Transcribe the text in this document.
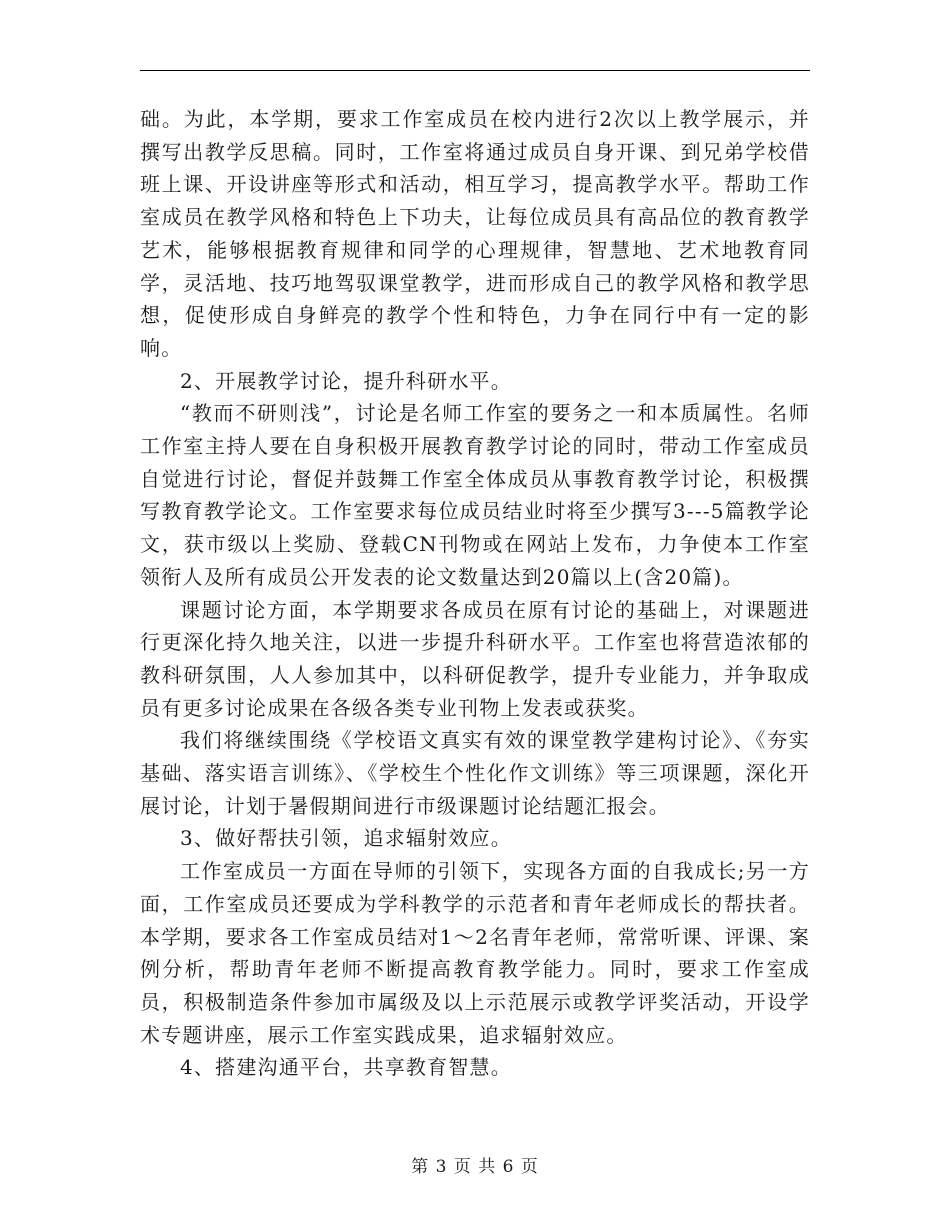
础。为此，本学期，要求工作室成员在校内进行2次以上教学展示，并撰写出教学反思稿。同时，工作室将通过成员自身开课、到兄弟学校借班上课、开设讲座等形式和活动，相互学习，提高教学水平。帮助工作室成员在教学风格和特色上下功夫，让每位成员具有高品位的教育教学艺术，能够根据教育规律和同学的心理规律，智慧地、艺术地教育同学，灵活地、技巧地驾驭课堂教学，进而形成自己的教学风格和教学思想，促使形成自身鲜亮的教学个性和特色，力争在同行中有一定的影响。

2、开展教学讨论，提升科研水平。

“教而不研则浅”，讨论是名师工作室的要务之一和本质属性。名师工作室主持人要在自身积极开展教育教学讨论的同时，带动工作室成员自觉进行讨论，督促并鼓舞工作室全体成员从事教育教学讨论，积极撰写教育教学论文。工作室要求每位成员结业时将至少撰写3---5篇教学论文，获市级以上奖励、登载CN刊物或在网站上发布，力争使本工作室领衔人及所有成员公开发表的论文数量达到20篇以上(含20篇)。

课题讨论方面，本学期要求各成员在原有讨论的基础上，对课题进行更深化持久地关注，以进一步提升科研水平。工作室也将营造浓郁的教科研氛围，人人参加其中，以科研促教学，提升专业能力，并争取成员有更多讨论成果在各级各类专业刊物上发表或获奖。

我们将继续围绕《学校语文真实有效的课堂教学建构讨论》、《夯实基础、落实语言训练》、《学校生个性化作文训练》等三项课题，深化开展讨论，计划于暑假期间进行市级课题讨论结题汇报会。

3、做好帮扶引领，追求辐射效应。

工作室成员一方面在导师的引领下，实现各方面的自我成长;另一方面，工作室成员还要成为学科教学的示范者和青年老师成长的帮扶者。本学期，要求各工作室成员结对1～2名青年老师，常常听课、评课、案例分析，帮助青年老师不断提高教育教学能力。同时，要求工作室成员，积极制造条件参加市属级及以上示范展示或教学评奖活动，开设学术专题讲座，展示工作室实践成果，追求辐射效应。

4、搭建沟通平台，共享教育智慧。

第 3 页 共 6 页
